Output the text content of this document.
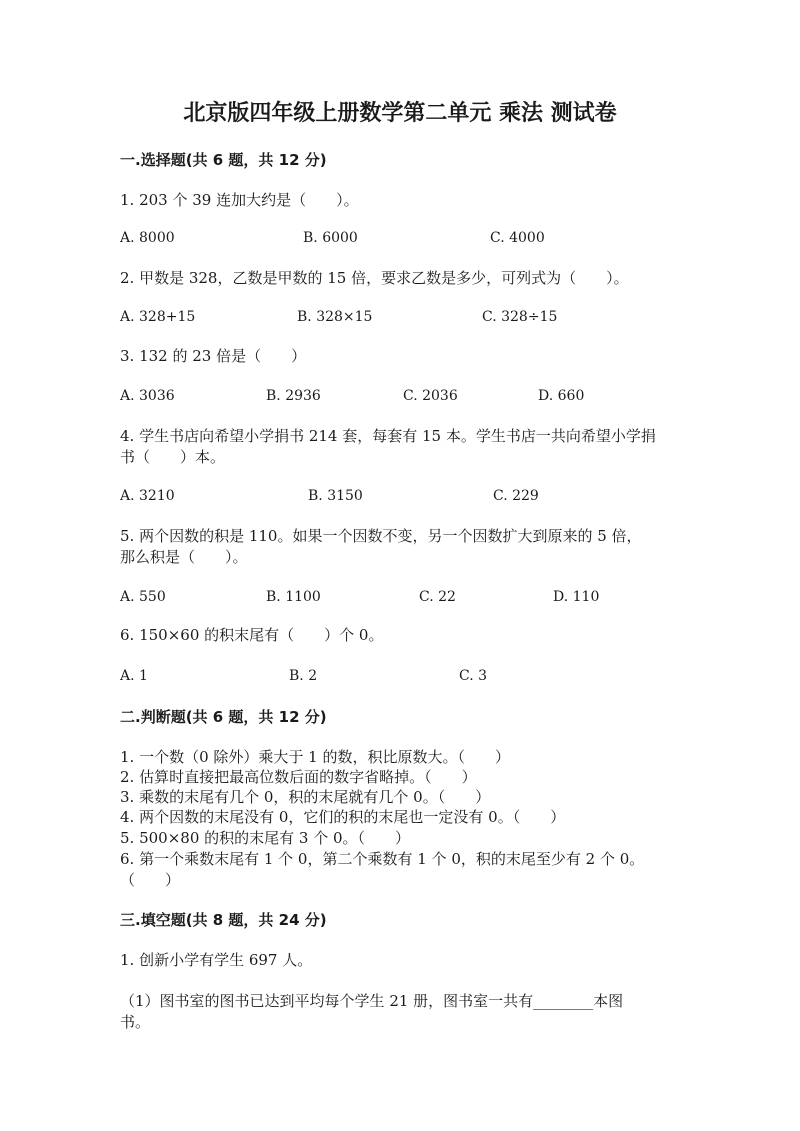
北京版四年级上册数学第二单元 乘法 测试卷
一.选择题(共 6 题，共 12 分)
1. 203 个 39 连加大约是（　　）。
A. 8000	B. 6000	C. 4000
2. 甲数是 328，乙数是甲数的 15 倍，要求乙数是多少，可列式为（　　）。
A. 328+15	B. 328×15	C. 328÷15
3. 132 的 23 倍是（　　）
A. 3036	B. 2936	C. 2036	D. 660
4. 学生书店向希望小学捐书 214 套，每套有 15 本。学生书店一共向希望小学捐
书（　　）本。
A. 3210	B. 3150	C. 229
5. 两个因数的积是 110。如果一个因数不变，另一个因数扩大到原来的 5 倍，
那么积是（　　）。
A. 550	B. 1100	C. 22	D. 110
6. 150×60 的积末尾有（　　）个 0。
A. 1	B. 2	C. 3
二.判断题(共 6 题，共 12 分)
1. 一个数（0 除外）乘大于 1 的数，积比原数大。（　　）
2. 估算时直接把最高位数后面的数字省略掉。（　　）
3. 乘数的末尾有几个 0，积的末尾就有几个 0。（　　）
4. 两个因数的末尾没有 0，它们的积的末尾也一定没有 0。（　　）
5. 500×80 的积的末尾有 3 个 0。（　　）
6. 第一个乘数末尾有 1 个 0，第二个乘数有 1 个 0，积的末尾至少有 2 个 0。
（　　）
三.填空题(共 8 题，共 24 分)
1. 创新小学有学生 697 人。
（1）图书室的图书已达到平均每个学生 21 册，图书室一共有________本图
书。
